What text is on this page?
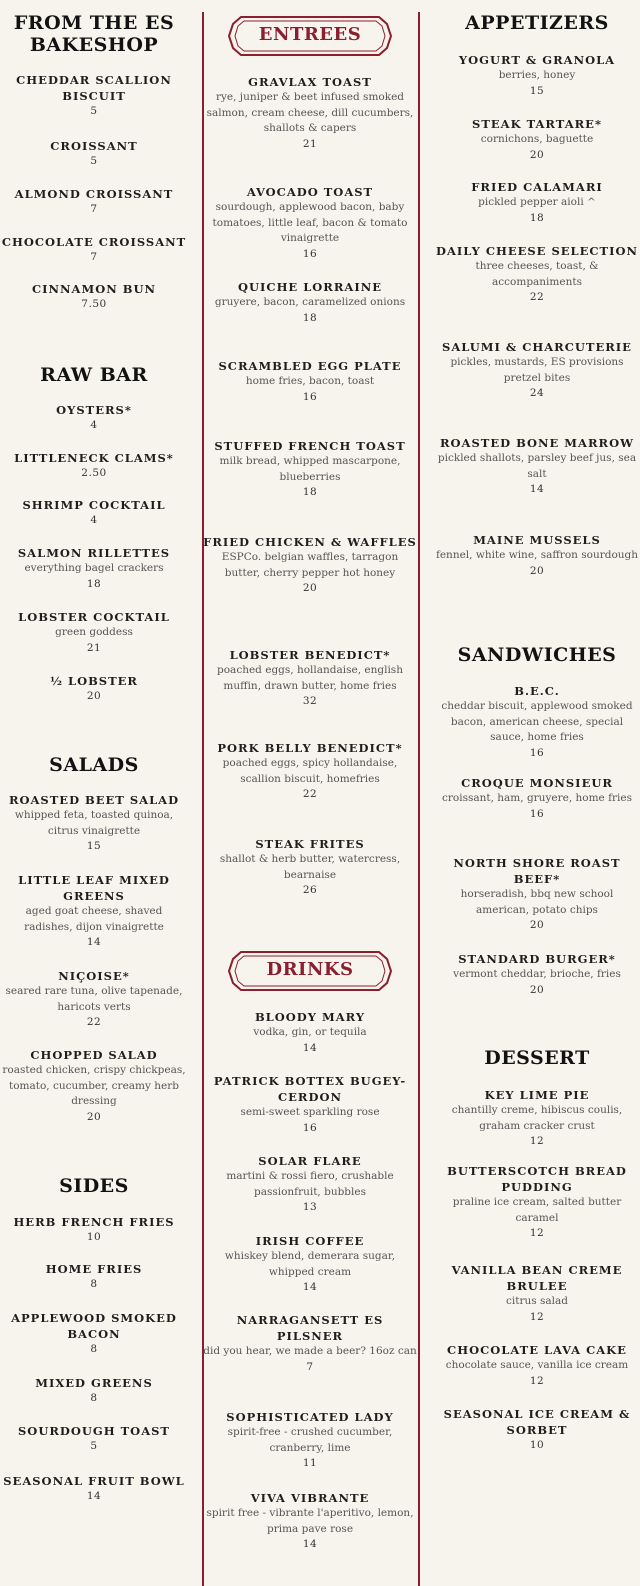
FROM THE ES BAKESHOP
CHEDDAR SCALLION BISCUIT
5
CROISSANT
5
ALMOND CROISSANT
7
CHOCOLATE CROISSANT
7
CINNAMON BUN
7.50
RAW BAR
OYSTERS*
4
LITTLENECK CLAMS*
2.50
SHRIMP COCKTAIL
4
SALMON RILLETTES
everything bagel crackers
18
LOBSTER COCKTAIL
green goddess
21
½ LOBSTER
20
SALADS
ROASTED BEET SALAD
whipped feta, toasted quinoa, citrus vinaigrette
15
LITTLE LEAF MIXED GREENS
aged goat cheese, shaved radishes, dijon vinaigrette
14
NIÇOISE*
seared rare tuna, olive tapenade, haricots verts
22
CHOPPED SALAD
roasted chicken, crispy chickpeas, tomato, cucumber, creamy herb dressing
20
SIDES
HERB FRENCH FRIES
10
HOME FRIES
8
APPLEWOOD SMOKED BACON
8
MIXED GREENS
8
SOURDOUGH TOAST
5
SEASONAL FRUIT BOWL
14
ENTREES
GRAVLAX TOAST
rye, juniper & beet infused smoked salmon, cream cheese, dill cucumbers, shallots & capers
21
AVOCADO TOAST
sourdough, applewood bacon, baby tomatoes, little leaf, bacon & tomato vinaigrette
16
QUICHE LORRAINE
gruyere, bacon, caramelized onions
18
SCRAMBLED EGG PLATE
home fries, bacon, toast
16
STUFFED FRENCH TOAST
milk bread, whipped mascarpone, blueberries
18
FRIED CHICKEN & WAFFLES
ESPCo. belgian waffles, tarragon butter, cherry pepper hot honey
20
LOBSTER BENEDICT*
poached eggs, hollandaise, english muffin, drawn butter, home fries
32
PORK BELLY BENEDICT*
poached eggs, spicy hollandaise, scallion biscuit, homefries
22
STEAK FRITES
shallot & herb butter, watercress, bearnaise
26
DRINKS
BLOODY MARY
vodka, gin, or tequila
14
PATRICK BOTTEX BUGEY-CERDON
semi-sweet sparkling rose
16
SOLAR FLARE
martini & rossi fiero, crushable passionfruit, bubbles
13
IRISH COFFEE
whiskey blend, demerara sugar, whipped cream
14
NARRAGANSETT ES PILSNER
did you hear, we made a beer? 16oz can
7
SOPHISTICATED LADY
spirit-free - crushed cucumber, cranberry, lime
11
VIVA VIBRANTE
spirit free - vibrante l'aperitivo, lemon, prima pave rose
14
APPETIZERS
YOGURT & GRANOLA
berries, honey
15
STEAK TARTARE*
cornichons, baguette
20
FRIED CALAMARI
pickled pepper aioli ^
18
DAILY CHEESE SELECTION
three cheeses, toast, & accompaniments
22
SALUMI & CHARCUTERIE
pickles, mustards, ES provisions pretzel bites
24
ROASTED BONE MARROW
pickled shallots, parsley beef jus, sea salt
14
MAINE MUSSELS
fennel, white wine, saffron sourdough
20
SANDWICHES
B.E.C.
cheddar biscuit, applewood smoked bacon, american cheese, special sauce, home fries
16
CROQUE MONSIEUR
croissant, ham, gruyere, home fries
16
NORTH SHORE ROAST BEEF*
horseradish, bbq new school american, potato chips
20
STANDARD BURGER*
vermont cheddar, brioche, fries
20
DESSERT
KEY LIME PIE
chantilly creme, hibiscus coulis, graham cracker crust
12
BUTTERSCOTCH BREAD PUDDING
praline ice cream, salted butter caramel
12
VANILLA BEAN CREME BRULEE
citrus salad
12
CHOCOLATE LAVA CAKE
chocolate sauce, vanilla ice cream
12
SEASONAL ICE CREAM & SORBET
10
